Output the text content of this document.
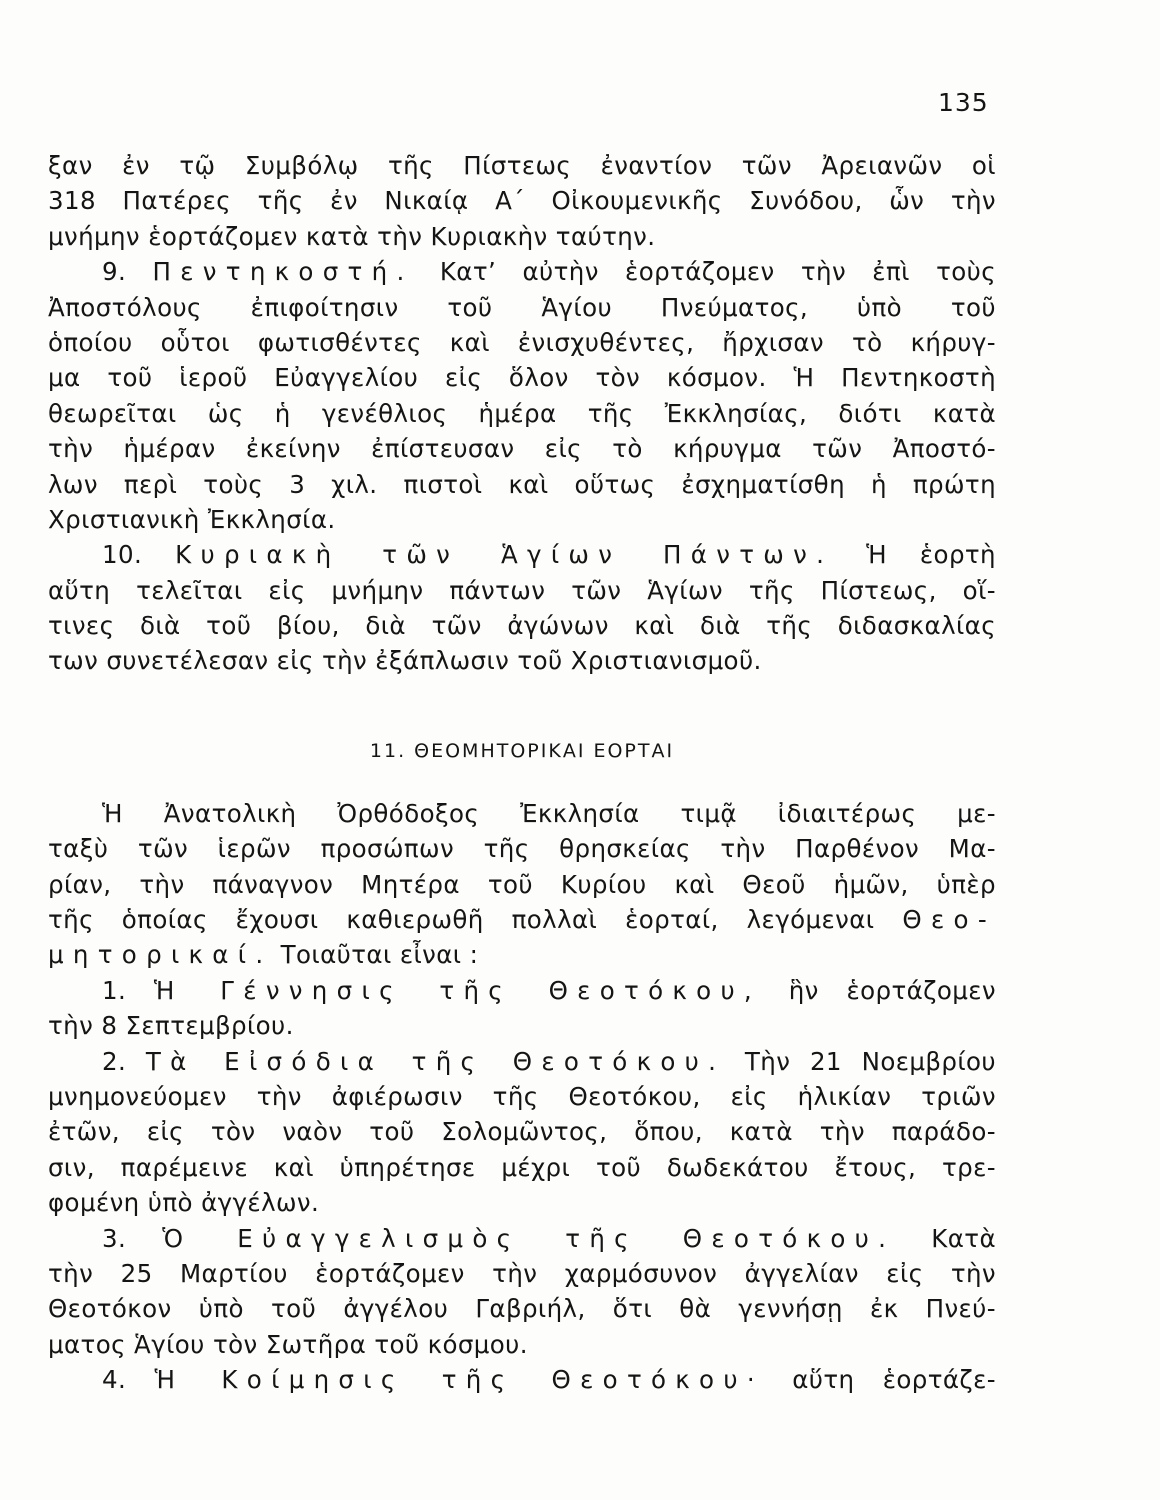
135
ξαν ἐν τῷ Συμβόλῳ τῆς Πίστεως ἐναντίον τῶν Ἀρειανῶν οἱ
318 Πατέρες τῆς ἐν Νικαίᾳ Α΄ Οἰκουμενικῆς Συνόδου, ὧν τὴν
μνήμην ἑορτάζομεν κατὰ τὴν Κυριακὴν ταύτην.
9. Πεντηκοστή. Κατ’ αὐτὴν ἑορτάζομεν τὴν ἐπὶ τοὺς
Ἀποστόλους ἐπιφοίτησιν τοῦ Ἁγίου Πνεύματος, ὑπὸ τοῦ
ὁποίου οὗτοι φωτισθέντες καὶ ἐνισχυθέντες, ἤρχισαν τὸ κήρυγ-
μα τοῦ ἱεροῦ Εὐαγγελίου εἰς ὅλον τὸν κόσμον. Ἡ Πεντηκοστὴ
θεωρεῖται ὡς ἡ γενέθλιος ἡμέρα τῆς Ἐκκλησίας, διότι κατὰ
τὴν ἡμέραν ἐκείνην ἐπίστευσαν εἰς τὸ κήρυγμα τῶν Ἀποστό-
λων περὶ τοὺς 3 χιλ. πιστοὶ καὶ οὕτως ἐσχηματίσθη ἡ πρώτη
Χριστιανικὴ Ἐκκλησία.
10. Κυριακὴ τῶν Ἁγίων Πάντων. Ἡ ἑορτὴ
αὕτη τελεῖται εἰς μνήμην πάντων τῶν Ἁγίων τῆς Πίστεως, οἵ-
τινες διὰ τοῦ βίου, διὰ τῶν ἀγώνων καὶ διὰ τῆς διδασκαλίας
των συνετέλεσαν εἰς τὴν ἐξάπλωσιν τοῦ Χριστιανισμοῦ.
11. ΘΕΟΜΗΤΟΡΙΚΑΙ ΕΟΡΤΑΙ
Ἡ Ἀνατολικὴ Ὀρθόδοξος Ἐκκλησία τιμᾷ ἰδιαιτέρως με-
ταξὺ τῶν ἱερῶν προσώπων τῆς θρησκείας τὴν Παρθένον Μα-
ρίαν, τὴν πάναγνον Μητέρα τοῦ Κυρίου καὶ Θεοῦ ἡμῶν, ὑπὲρ
τῆς ὁποίας ἔχουσι καθιερωθῆ πολλαὶ ἑορταί, λεγόμεναι Θεο-
μητορικαί. Τοιαῦται εἶναι :
1. Ἡ Γέννησις τῆς Θεοτόκου, ἣν ἑορτάζομεν
τὴν 8 Σεπτεμβρίου.
2. Τὰ Εἰσόδια τῆς Θεοτόκου. Τὴν 21 Νοεμβρίου
μνημονεύομεν τὴν ἀφιέρωσιν τῆς Θεοτόκου, εἰς ἡλικίαν τριῶν
ἐτῶν, εἰς τὸν ναὸν τοῦ Σολομῶντος, ὅπου, κατὰ τὴν παράδο-
σιν, παρέμεινε καὶ ὑπηρέτησε μέχρι τοῦ δωδεκάτου ἔτους, τρε-
φομένη ὑπὸ ἀγγέλων.
3. Ὁ Εὐαγγελισμὸς τῆς Θεοτόκου. Κατὰ
τὴν 25 Μαρτίου ἑορτάζομεν τὴν χαρμόσυνον ἀγγελίαν εἰς τὴν
Θεοτόκον ὑπὸ τοῦ ἀγγέλου Γαβριήλ, ὅτι θὰ γεννήσῃ ἐκ Πνεύ-
ματος Ἁγίου τὸν Σωτῆρα τοῦ κόσμου.
4. Ἡ Κοίμησις τῆς Θεοτόκου· αὕτη ἑορτάζε-
